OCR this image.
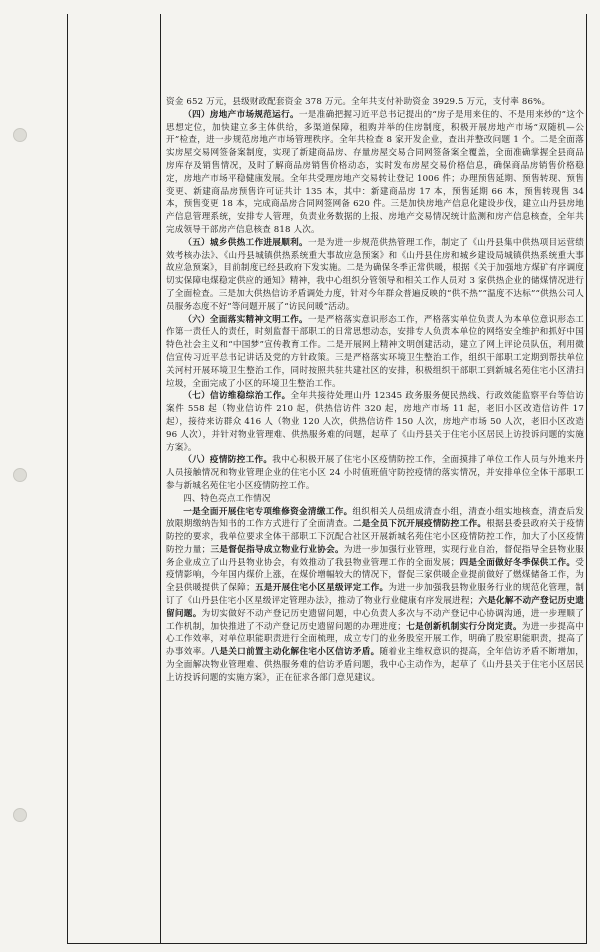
资金 652 万元，县级财政配套资金 378 万元。全年共支付补助资金 3929.5 万元，支付率 86%。

（四）房地产市场规范运行。一是准确把握习近平总书记提出的“房子是用来住的、不是用来炒的”这个思想定位，加快建立多主体供给，多渠道保障，租购并举的住房制度，积极开展房地产市场“双随机—公开”检查，进一步规范房地产市场管理秩序。全年共检查 8 家开发企业，查出并整改问题 1 个。二是全面落实房屋交易网签备案制度，实现了新建商品房、存量房屋交易合同网签备案全覆盖，全面准确掌握全县商品房库存及销售情况，及时了解商品房销售价格动态，实时发布房屋交易价格信息，确保商品房销售价格稳定，房地产市场平稳健康发展。全年共受理房地产交易转让登记 1006 件；办理预售延期、预售转现、预售变更、新建商品房预售许可证共计 135 本，其中：新建商品房 17 本，预售延期 66 本，预售转现售 34 本，预售变更 18 本，完成商品房合同网签网备 620 件。三是加快房地产信息化建设步伐，建立山丹县房地产信息管理系统，安排专人管理，负责业务数据的上报、房地产交易情况统计监测和房产信息核查，全年共完成领导干部房产信息核查 818 人次。

（五）城乡供热工作进展顺利。一是为进一步规范供热管理工作，制定了《山丹县集中供热项目运营绩效考核办法》、《山丹县城镇供热系统重大事故应急预案》和《山丹县住房和城乡建设局城镇供热系统重大事故应急预案》，目前制度已经县政府下发实施。二是为确保冬季正常供暖，根据《关于加强地方煤矿有序调度切实保障电煤稳定供应的通知》精神，我中心组织分管领导和相关工作人员对 3 家供热企业的储煤情况进行了全面检查。三是加大供热信访矛盾调处力度，针对今年群众普遍反映的“供不热”“温度不达标”“供热公司人员服务态度不好”等问题开展了“访民问暖”活动。

（六）全面落实精神文明工作。一是严格落实意识形态工作，严格落实单位负责人为本单位意识形态工作第一责任人的责任，时刻监督干部职工的日常思想动态，安排专人负责本单位的网络安全维护和抓好中国特色社会主义和“中国梦”宣传教育工作。二是开展网上精神文明创建活动，建立了网上评论员队伍，利用微信宣传习近平总书记讲话及党的方针政策。三是严格落实环境卫生整治工作，组织干部职工定期到帮扶单位关河村开展环境卫生整治工作，同时按照共驻共建社区的安排，积极组织干部职工到新城名苑住宅小区清扫垃圾，全面完成了小区的环境卫生整治工作。

（七）信访维稳综治工作。全年共接待处理山丹 12345 政务服务便民热线、行政效能监察平台等信访案件 558 起（物业信访件 210 起，供热信访件 320 起，房地产市场 11 起，老旧小区改造信访件 17 起），接待来访群众 416 人（物业 120 人次，供热信访件 150 人次，房地产市场 50 人次，老旧小区改造 96 人次），并针对物业管理难、供热服务难的问题，起草了《山丹县关于住宅小区居民上访投诉问题的实施方案》。

（八）疫情防控工作。我中心积极开展了住宅小区疫情防控工作，全面摸排了单位工作人员与外地来丹人员接触情况和物业管理企业的住宅小区 24 小时值班值守防控疫情的落实情况，并安排单位全体干部职工参与新城名苑住宅小区疫情防控工作。

四、特色亮点工作情况

一是全面开展住宅专项维修资金清缴工作。组织相关人员组成清查小组，清查小组实地核查，清查后发放限期缴纳告知书的工作方式进行了全面清查。二是全员下沉开展疫情防控工作。根据县委县政府关于疫情防控的要求，我单位要求全体干部职工下沉配合社区开展新城名苑住宅小区疫情防控工作，加大了小区疫情防控力量；三是督促指导成立物业行业协会。为进一步加强行业管理，实现行业自治，督促指导全县物业服务企业成立了山丹县物业协会，有效推动了我县物业管理工作的全面发展；四是全面做好冬季保供工作。受疫情影响，今年国内煤价上涨，在煤价增幅较大的情况下，督促三家供暖企业提前做好了燃煤储备工作，为全县供暖提供了保障；五是开展住宅小区星级评定工作。为进一步加强我县物业服务行业的规范化管理，制订了《山丹县住宅小区星级评定管理办法》，推动了物业行业健康有序发展进程；六是化解不动产登记历史遗留问题。为切实做好不动产登记历史遗留问题，中心负责人多次与不动产登记中心协调沟通，进一步理顺了工作机制，加快推进了不动产登记历史遗留问题的办理进度；七是创新机制实行分岗定责。为进一步提高中心工作效率，对单位职能职责进行全面梳理，成立专门的业务股室开展工作，明确了股室职能职责，提高了办事效率。八是关口前置主动化解住宅小区信访矛盾。随着业主维权意识的提高，全年信访矛盾不断增加，为全面解决物业管理难、供热服务难的信访矛盾问题，我中心主动作为，起草了《山丹县关于住宅小区居民上访投诉问题的实施方案》，正在征求各部门意见建议。
